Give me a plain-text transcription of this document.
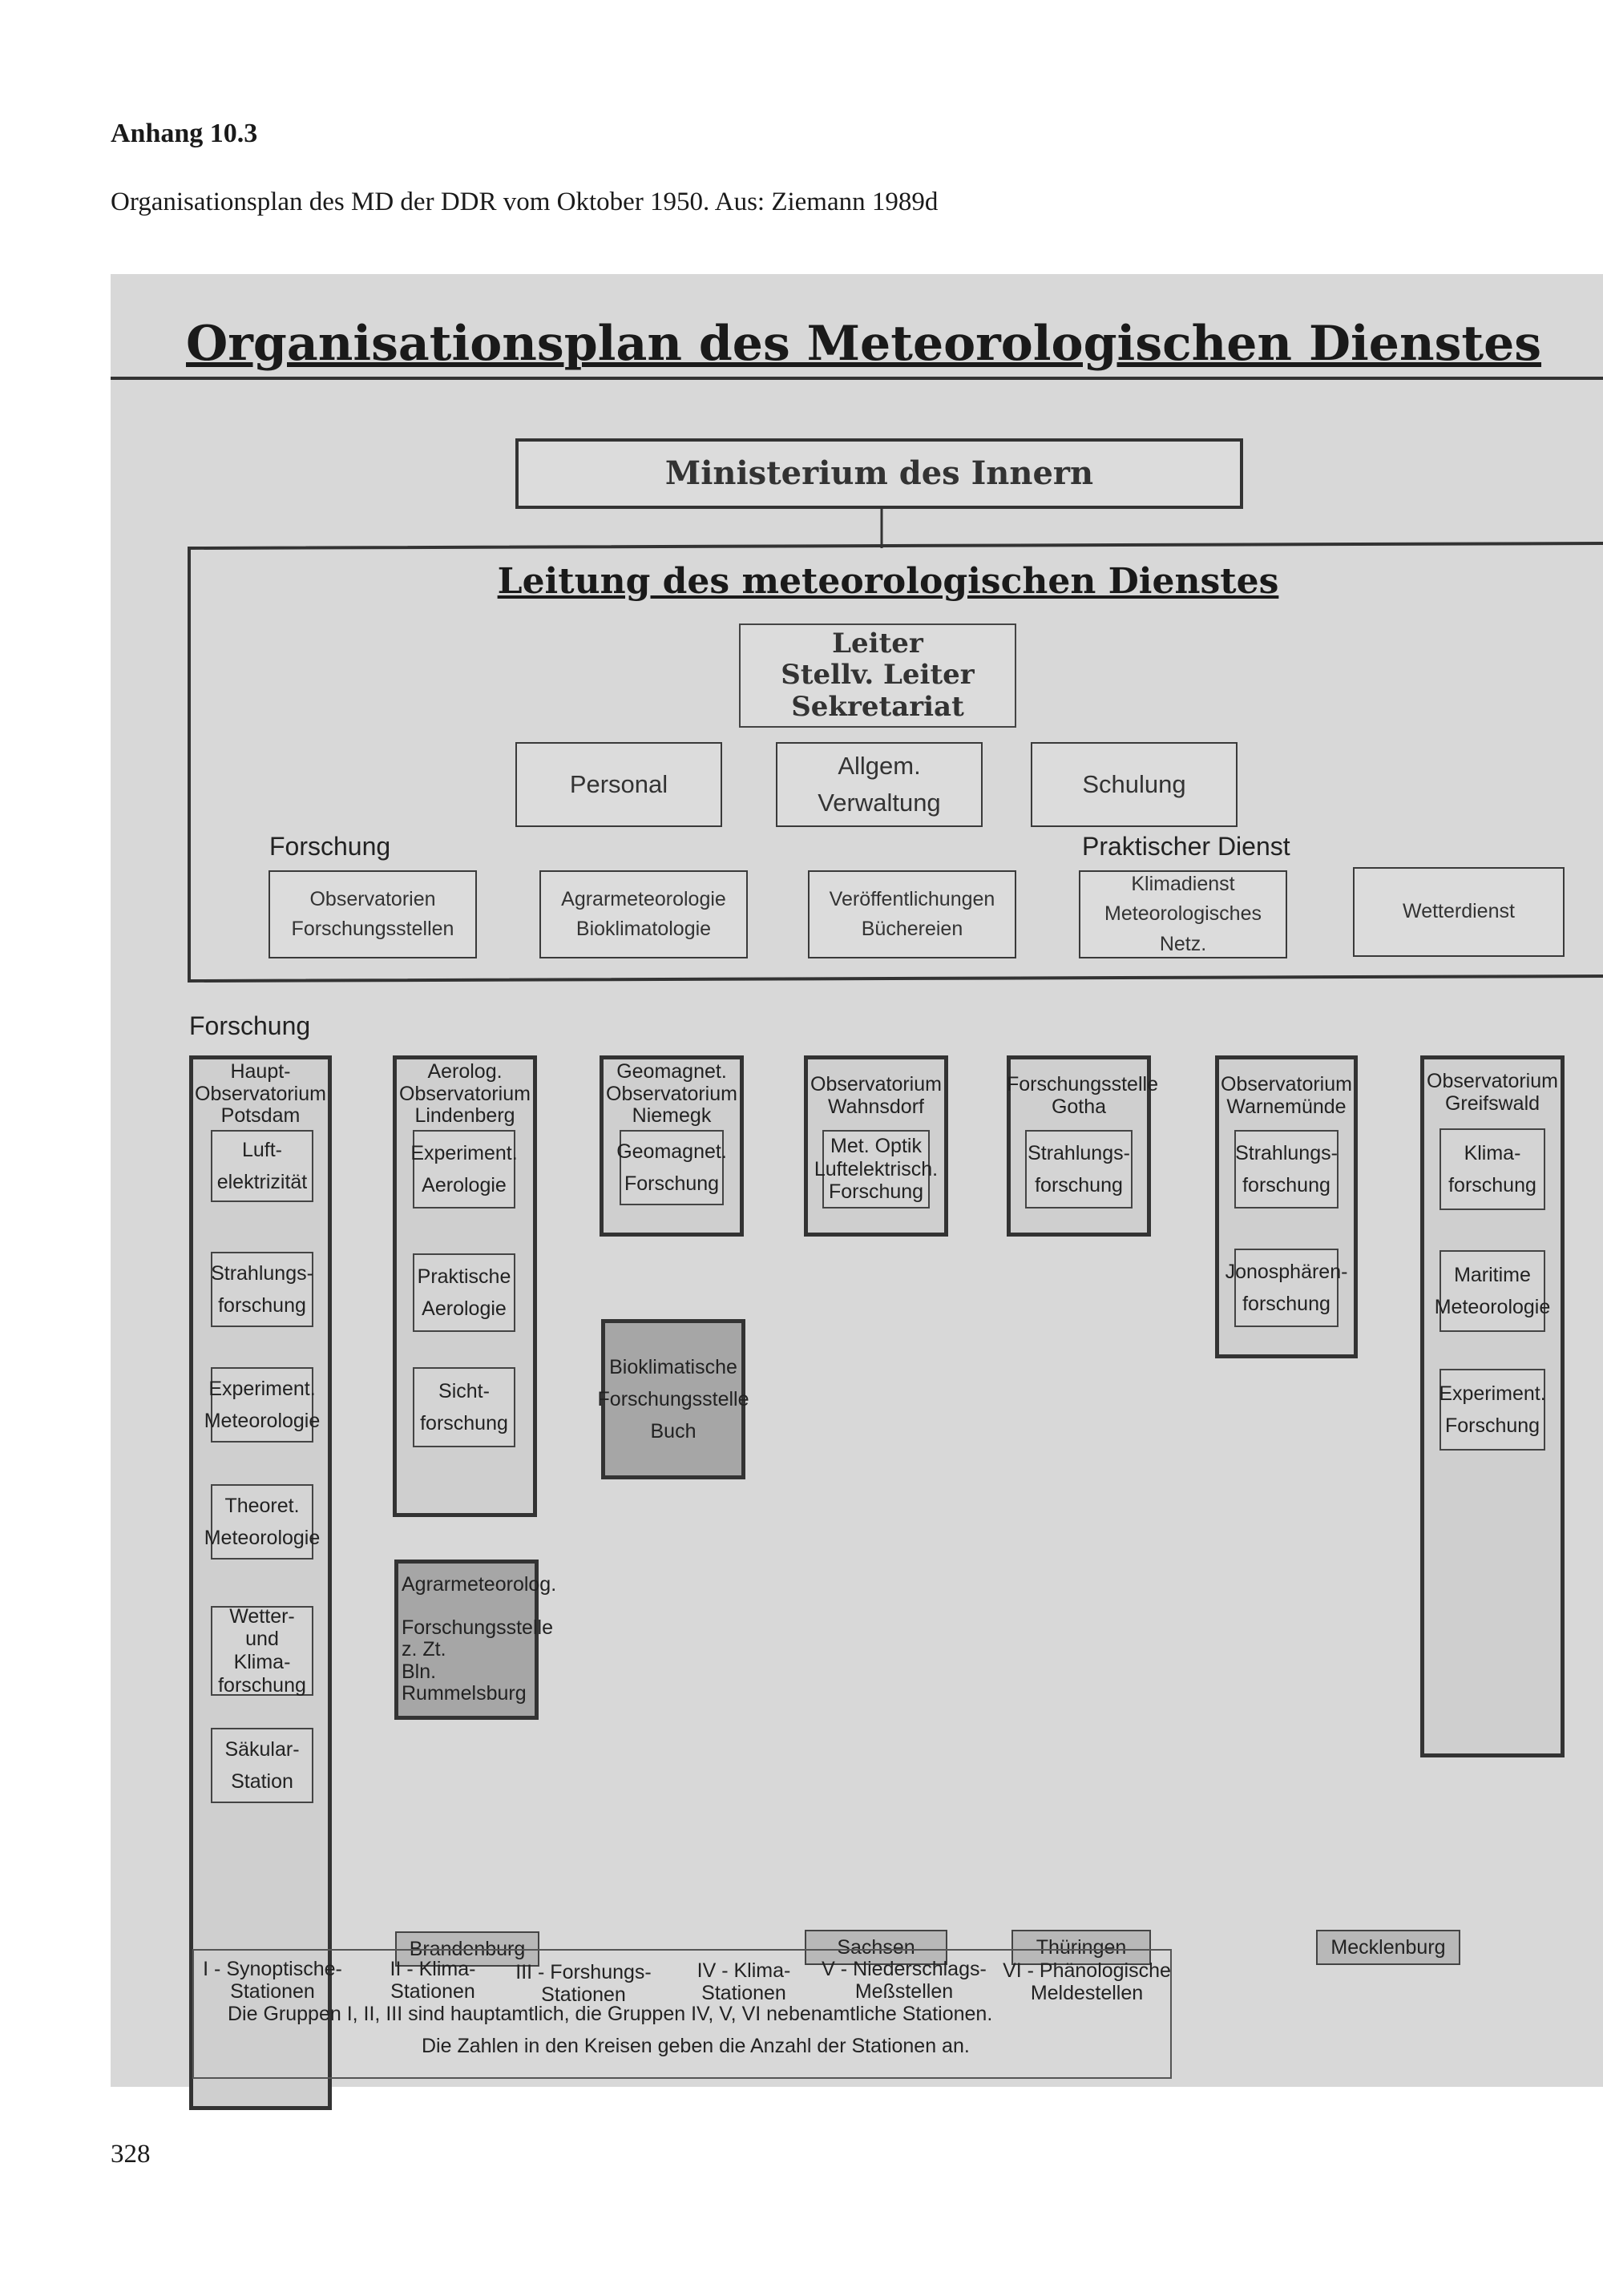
Anhang 10.3
Organisationsplan des MD der DDR vom Oktober 1950. Aus: Ziemann 1989d
328
Organisationsplan des Meteorologischen Dienstes
Ministerium des Innern
Leitung des meteorologischen Dienstes
Leiter
Stellv. Leiter
Sekretariat
Personal
Allgem. Verwaltung
Schulung
Forschung	Praktischer Dienst
Observatorien
Forschungsstellen
Agrarmeteorologie
Bioklimatologie
Veröffentlichungen
Büchereien
Klimadienst
Meteorologisches Netz.
Wetterdienst
Forschung
Haupt-
Observatorium
Potsdam
Luft-
elektrizität
Strahlungs-
forschung
Experiment.
Meteorologie
Theoret.
Meteorologie
Wetter- und
Klima-
forschung
Säkular-
Station
Aerolog.
Observatorium
Lindenberg
Experiment.
Aerologie
Praktische
Aerologie
Sicht-
forschung
Geomagnet.
Observatorium
Niemegk
Geomagnet.
Forschung
Observatorium
Wahnsdorf
Met. Optik
Luftelektrisch.
Forschung
Forschungsstelle
Gotha
Strahlungs-
forschung
Observatorium
Warnemünde
Strahlungs-
forschung
Jonosphären-
forschung
Observatorium
Greifswald
Klima-
forschung
Maritime
Meteorologie
Experiment.
Forschung
Bioklimatische
Forschungsstelle
Buch
Agrarmeteorolog.
Forschungsstelle
z. Zt.
Bln. Rummelsburg
Brandenburg	Sachsen	Thüringen	Mecklenburg
I - Synoptische-
Stationen
II - Klima-
Stationen
III - Forshungs-
Stationen
IV - Klima-
Stationen
V - Niederschlags-
Meßstellen
VI - Phänologische
Meldestellen
Die Gruppen I, II, III sind hauptamtlich, die Gruppen IV, V, VI nebenamtliche Stationen.
Die Zahlen in den Kreisen geben die Anzahl der Stationen an.
